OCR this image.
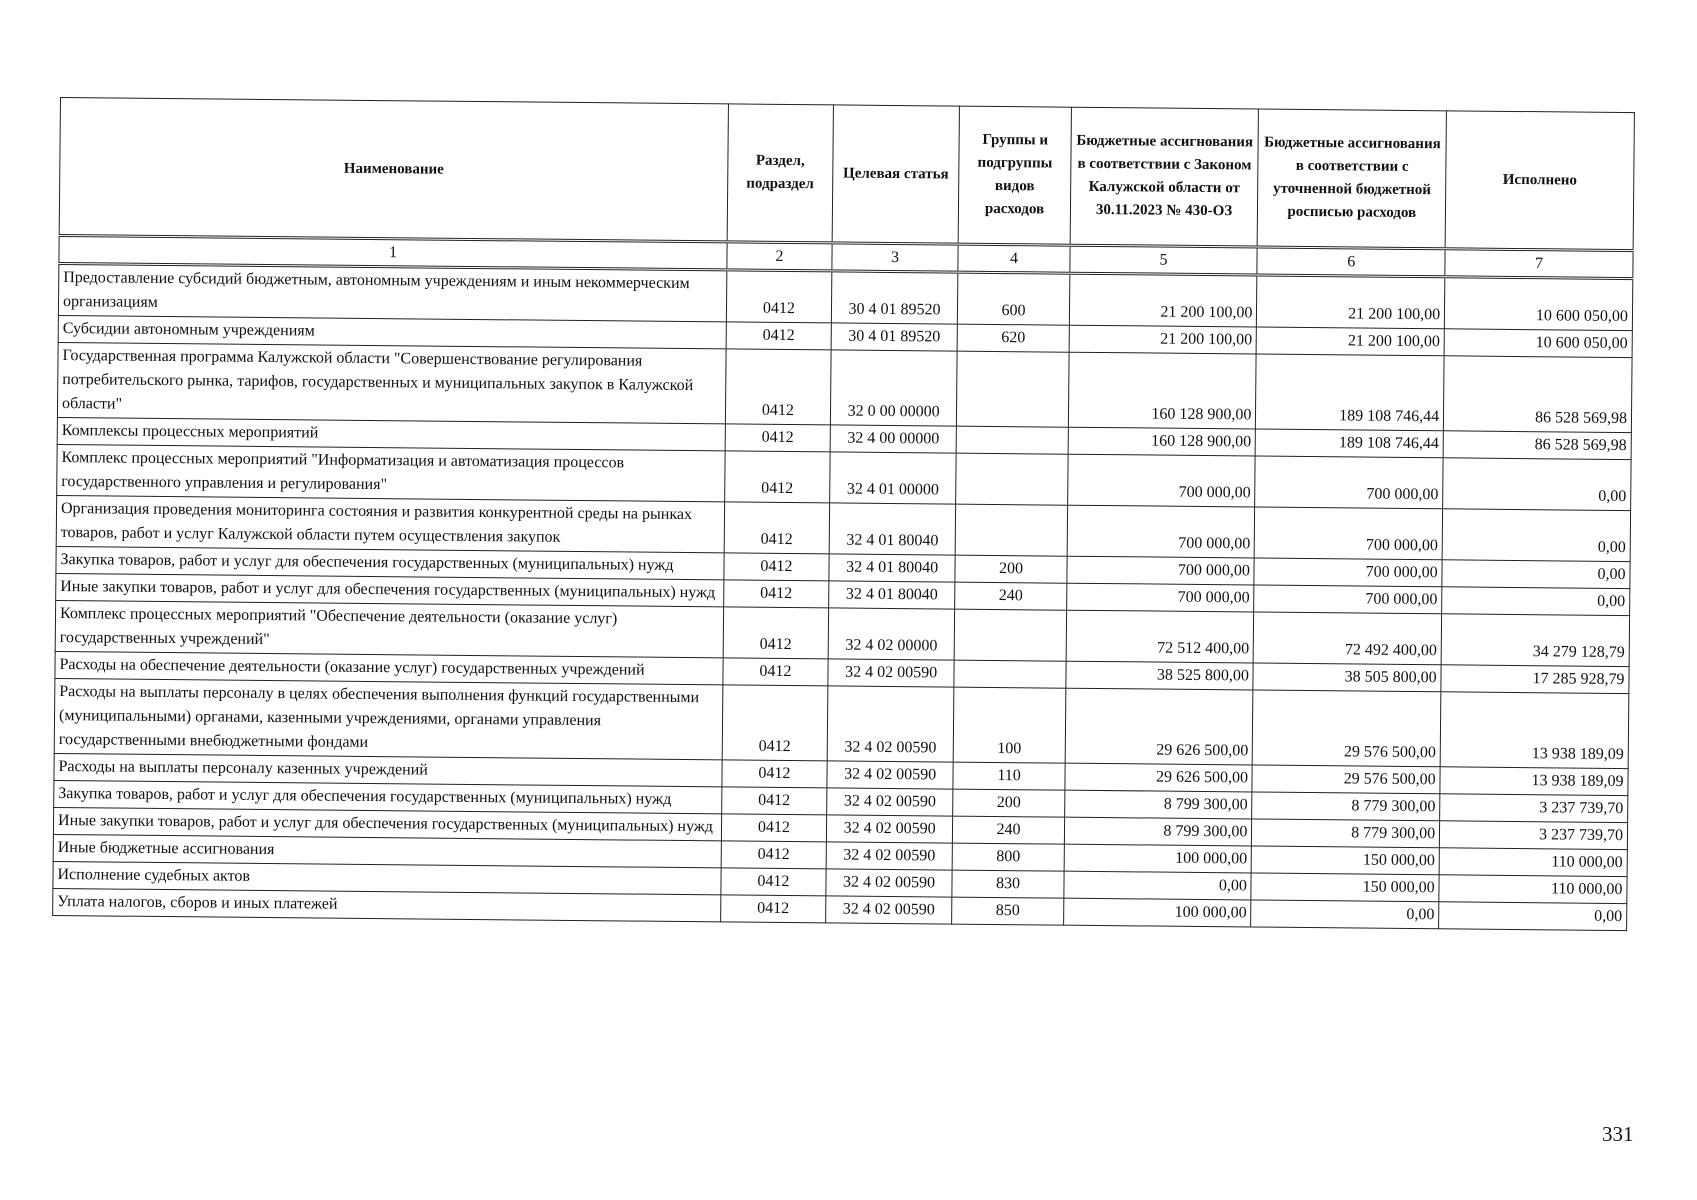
Наименование	Раздел, подраздел	Целевая статья	Группы и подгруппы видов расходов	Бюджетные ассигнования в соответствии с Законом Калужской области от 30.11.2023 № 430-ОЗ	Бюджетные ассигнования в соответствии с уточненной бюджетной росписью расходов	Исполнено
1	2	3	4	5	6	7
Предоставление субсидий бюджетным, автономным учреждениям и иным некоммерческим организациям	0412	30 4 01 89520	600	21 200 100,00	21 200 100,00	10 600 050,00
Субсидии автономным учреждениям	0412	30 4 01 89520	620	21 200 100,00	21 200 100,00	10 600 050,00
Государственная программа Калужской области "Совершенствование регулирования потребительского рынка, тарифов, государственных и муниципальных закупок в Калужской области"	0412	32 0 00 00000		160 128 900,00	189 108 746,44	86 528 569,98
Комплексы процессных мероприятий	0412	32 4 00 00000		160 128 900,00	189 108 746,44	86 528 569,98
Комплекс процессных мероприятий "Информатизация и автоматизация процессов государственного управления и регулирования"	0412	32 4 01 00000		700 000,00	700 000,00	0,00
Организация проведения мониторинга состояния и развития конкурентной среды на рынках товаров, работ и услуг Калужской области путем осуществления закупок	0412	32 4 01 80040		700 000,00	700 000,00	0,00
Закупка товаров, работ и услуг для обеспечения государственных (муниципальных) нужд	0412	32 4 01 80040	200	700 000,00	700 000,00	0,00
Иные закупки товаров, работ и услуг для обеспечения государственных (муниципальных) нужд	0412	32 4 01 80040	240	700 000,00	700 000,00	0,00
Комплекс процессных мероприятий "Обеспечение деятельности (оказание услуг) государственных учреждений"	0412	32 4 02 00000		72 512 400,00	72 492 400,00	34 279 128,79
Расходы на обеспечение деятельности (оказание услуг) государственных учреждений	0412	32 4 02 00590		38 525 800,00	38 505 800,00	17 285 928,79
Расходы на выплаты персоналу в целях обеспечения выполнения функций государственными (муниципальными) органами, казенными учреждениями, органами управления государственными внебюджетными фондами	0412	32 4 02 00590	100	29 626 500,00	29 576 500,00	13 938 189,09
Расходы на выплаты персоналу казенных учреждений	0412	32 4 02 00590	110	29 626 500,00	29 576 500,00	13 938 189,09
Закупка товаров, работ и услуг для обеспечения государственных (муниципальных) нужд	0412	32 4 02 00590	200	8 799 300,00	8 779 300,00	3 237 739,70
Иные закупки товаров, работ и услуг для обеспечения государственных (муниципальных) нужд	0412	32 4 02 00590	240	8 799 300,00	8 779 300,00	3 237 739,70
Иные бюджетные ассигнования	0412	32 4 02 00590	800	100 000,00	150 000,00	110 000,00
Исполнение судебных актов	0412	32 4 02 00590	830	0,00	150 000,00	110 000,00
Уплата налогов, сборов и иных платежей	0412	32 4 02 00590	850	100 000,00	0,00	0,00
331
